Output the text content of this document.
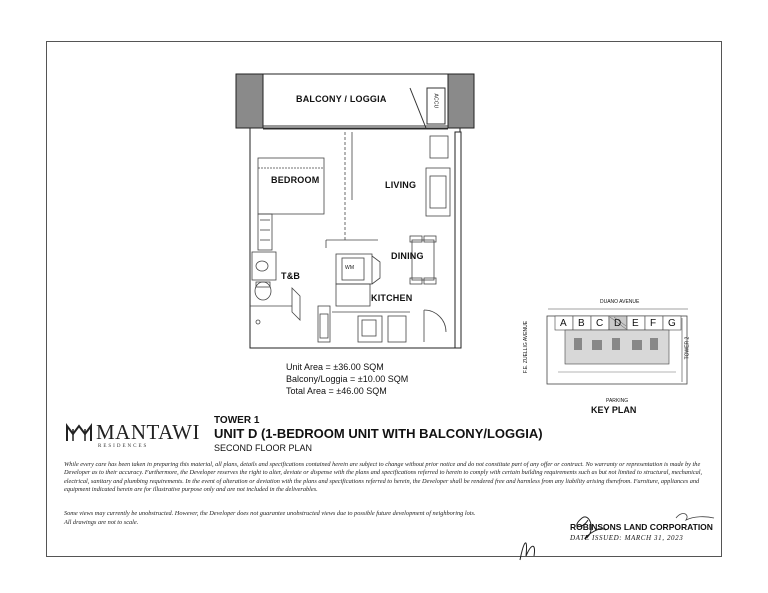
BALCONY / LOGGIA	ACCU
BEDROOM	LIVING
DINING
T&B
KITCHEN
WM
Unit Area = ±36.00 SQM
Balcony/Loggia = ±10.00 SQM
Total Area = ±46.00 SQM
DUANO AVENUE
F.E. ZUELLIG AVENUE	TOWER 2
A B C D E F G
PARKING
KEY PLAN
MANTAWI
RESIDENCES
TOWER 1
UNIT D (1-BEDROOM UNIT WITH BALCONY/LOGGIA)
SECOND FLOOR PLAN
While every care has been taken in preparing this material, all plans, details and specifications contained herein are subject to change without prior notice and do not constitute part of any offer or contract. No warranty or representation is made by the Developer as to their accuracy. Furthermore, the Developer reserves the right to alter, deviate or dispense with the plans and specifications referred to herein to comply with certain building requirements such as but not limited to structural, mechanical, electrical, sanitary and plumbing requirements. In the event of alteration or deviation with the plans and specifications referred to herein, the Developer shall be rendered free and harmless from any liability arising therefrom. Furniture, appliances and equipment indicated herein are for illustrative purpose only and are not included in the deliverables.
Some views may currently be unobstructed. However, the Developer does not guarantee unobstructed views due to possible future development of neighboring lots.
All drawings are not to scale.	ROBINSONS LAND CORPORATION
DATE ISSUED: MARCH 31, 2023
